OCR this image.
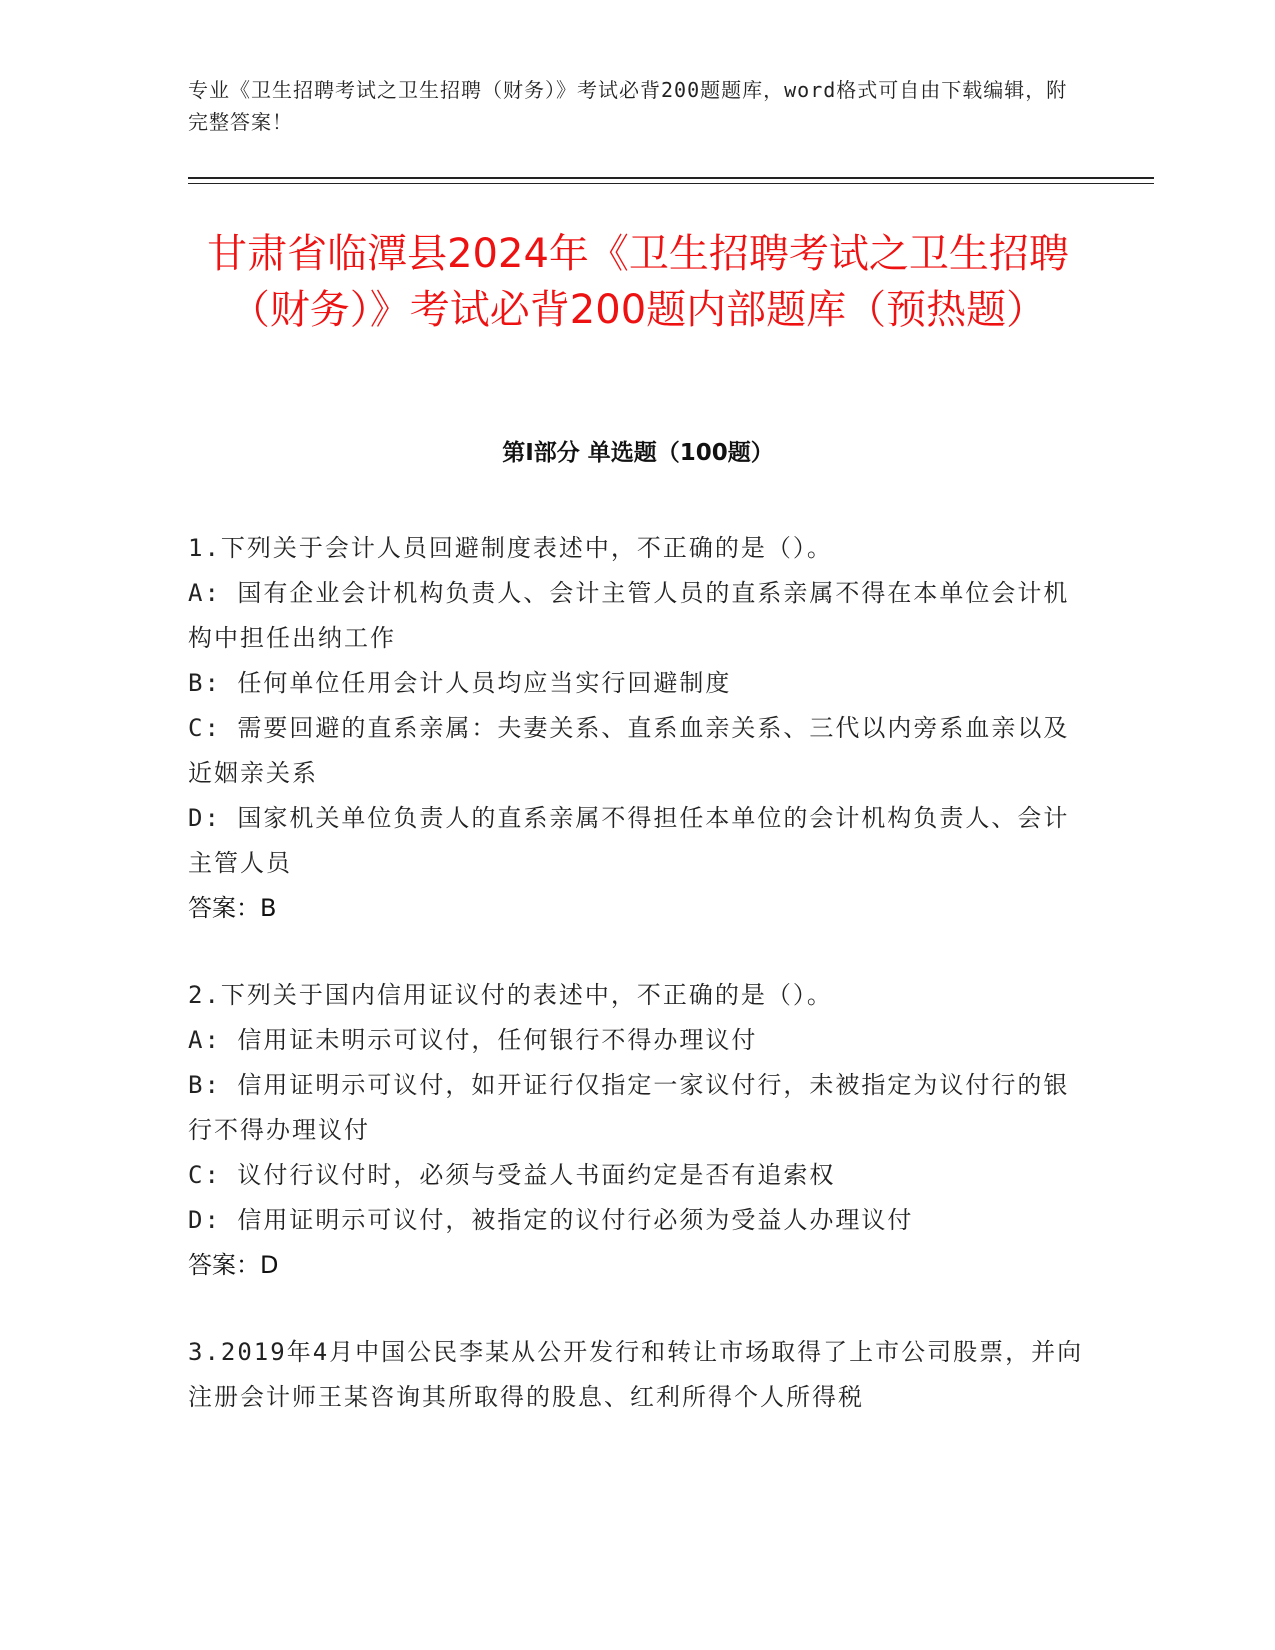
专业《卫生招聘考试之卫生招聘（财务）》考试必背200题题库，word格式可自由下载编辑，附完整答案！
甘肃省临潭县2024年《卫生招聘考试之卫生招聘（财务）》考试必背200题内部题库（预热题）
第I部分 单选题（100题）
1.下列关于会计人员回避制度表述中，不正确的是（）。
A: 国有企业会计机构负责人、会计主管人员的直系亲属不得在本单位会计机构中担任出纳工作
B: 任何单位任用会计人员均应当实行回避制度
C: 需要回避的直系亲属：夫妻关系、直系血亲关系、三代以内旁系血亲以及近姻亲关系
D: 国家机关单位负责人的直系亲属不得担任本单位的会计机构负责人、会计主管人员
答案：B
2.下列关于国内信用证议付的表述中，不正确的是（）。
A: 信用证未明示可议付，任何银行不得办理议付
B: 信用证明示可议付，如开证行仅指定一家议付行，未被指定为议付行的银行不得办理议付
C: 议付行议付时，必须与受益人书面约定是否有追索权
D: 信用证明示可议付，被指定的议付行必须为受益人办理议付
答案：D
3.2019年4月中国公民李某从公开发行和转让市场取得了上市公司股票，并向注册会计师王某咨询其所取得的股息、红利所得个人所得税
